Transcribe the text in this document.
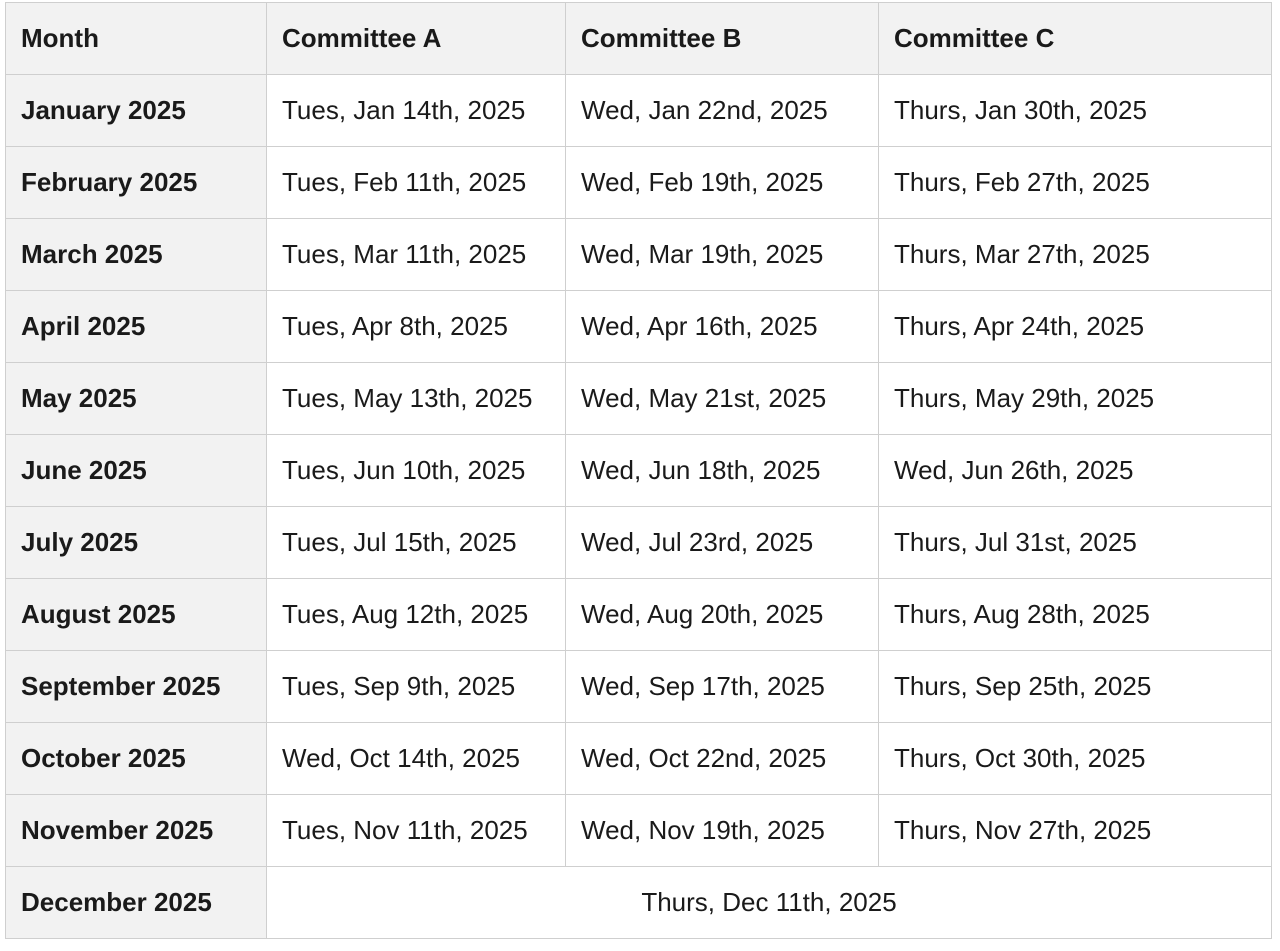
Month	Committee A	Committee B	Committee C
January 2025	Tues, Jan 14th, 2025	Wed, Jan 22nd, 2025	Thurs, Jan 30th, 2025
February 2025	Tues, Feb 11th, 2025	Wed, Feb 19th, 2025	Thurs, Feb 27th, 2025
March 2025	Tues, Mar 11th, 2025	Wed, Mar 19th, 2025	Thurs, Mar 27th, 2025
April 2025	Tues, Apr 8th, 2025	Wed, Apr 16th, 2025	Thurs, Apr 24th, 2025
May 2025	Tues, May 13th, 2025	Wed, May 21st, 2025	Thurs, May 29th, 2025
June 2025	Tues, Jun 10th, 2025	Wed, Jun 18th, 2025	Wed, Jun 26th, 2025
July 2025	Tues, Jul 15th, 2025	Wed, Jul 23rd, 2025	Thurs, Jul 31st, 2025
August 2025	Tues, Aug 12th, 2025	Wed, Aug 20th, 2025	Thurs, Aug 28th, 2025
September 2025	Tues, Sep 9th, 2025	Wed, Sep 17th, 2025	Thurs, Sep 25th, 2025
October 2025	Wed, Oct 14th, 2025	Wed, Oct 22nd, 2025	Thurs, Oct 30th, 2025
November 2025	Tues, Nov 11th, 2025	Wed, Nov 19th, 2025	Thurs, Nov 27th, 2025
December 2025	Thurs, Dec 11th, 2025		
